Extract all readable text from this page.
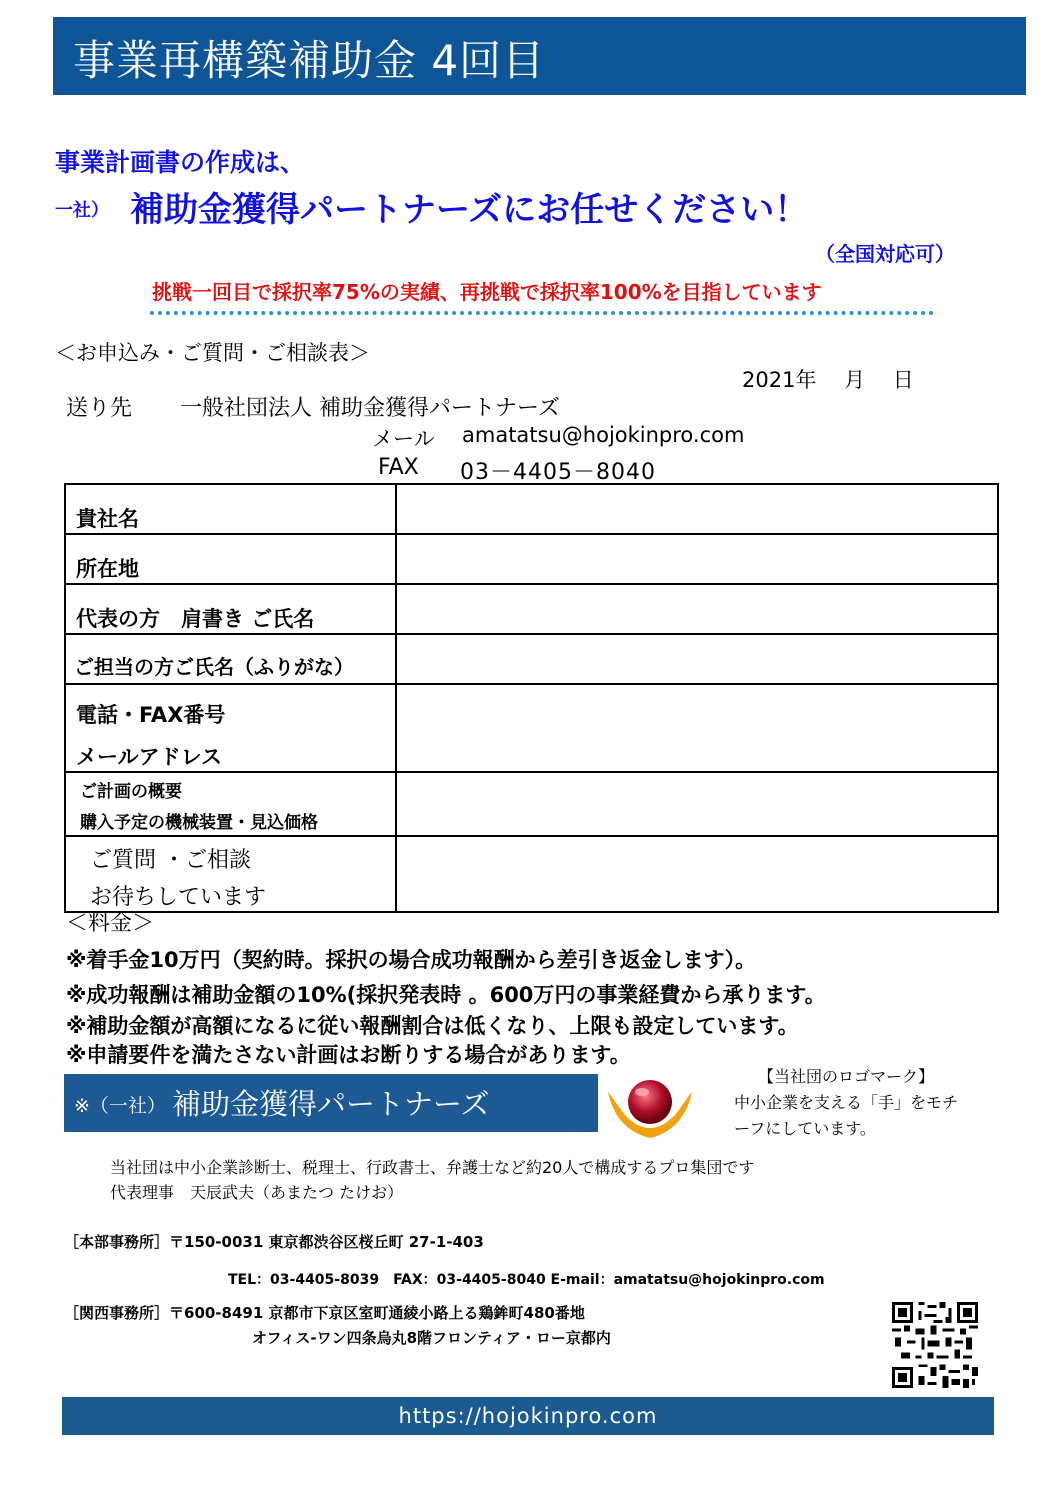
事業再構築補助金 4回目
事業計画書の作成は、
一社） 補助金獲得パートナーズにお任せください！
（全国対応可）
挑戦一回目で採択率75%の実績、再挑戦で採択率100%を目指しています
＜お申込み・ご質問・ご相談表＞
2021年　 月　 日
送り先 一般社団法人 補助金獲得パートナーズ
メール amatatsu@hojokinpro.com
FAX 03－4405－8040
貴社名	

所在地	

代表の方　肩書き ご氏名	

ご担当の方ご氏名（ふりがな）	

電話・FAX番号
メールアドレス	

ご計画の概要
購入予定の機械装置・見込価格	

ご質問 ・ご相談
お待ちしています	

＜料金＞
※着手金10万円（契約時。採択の場合成功報酬から差引き返金します）。
※成功報酬は補助金額の10%(採択発表時 。600万円の事業経費から承ります。
※補助金額が高額になるに従い報酬割合は低くなり、上限も設定しています。
※申請要件を満たさない計画はお断りする場合があります。
※（一社） 補助金獲得パートナーズ
【当社団のロゴマーク】
中小企業を支える「手」をモチ
ーフにしています。
当社団は中小企業診断士、税理士、行政書士、弁護士など約20人で構成するプロ集団です
代表理事　天辰武夫（あまたつ たけお）
［本部事務所］〒150-0031 東京都渋谷区桜丘町 27-1-403
TEL：03-4405-8039　FAX：03-4405-8040 E-mail：amatatsu@hojokinpro.com
［関西事務所］〒600-8491 京都市下京区室町通綾小路上る鶏鉾町480番地
オフィス-ワン四条烏丸8階フロンティア・ロー京都内
https://hojokinpro.com
